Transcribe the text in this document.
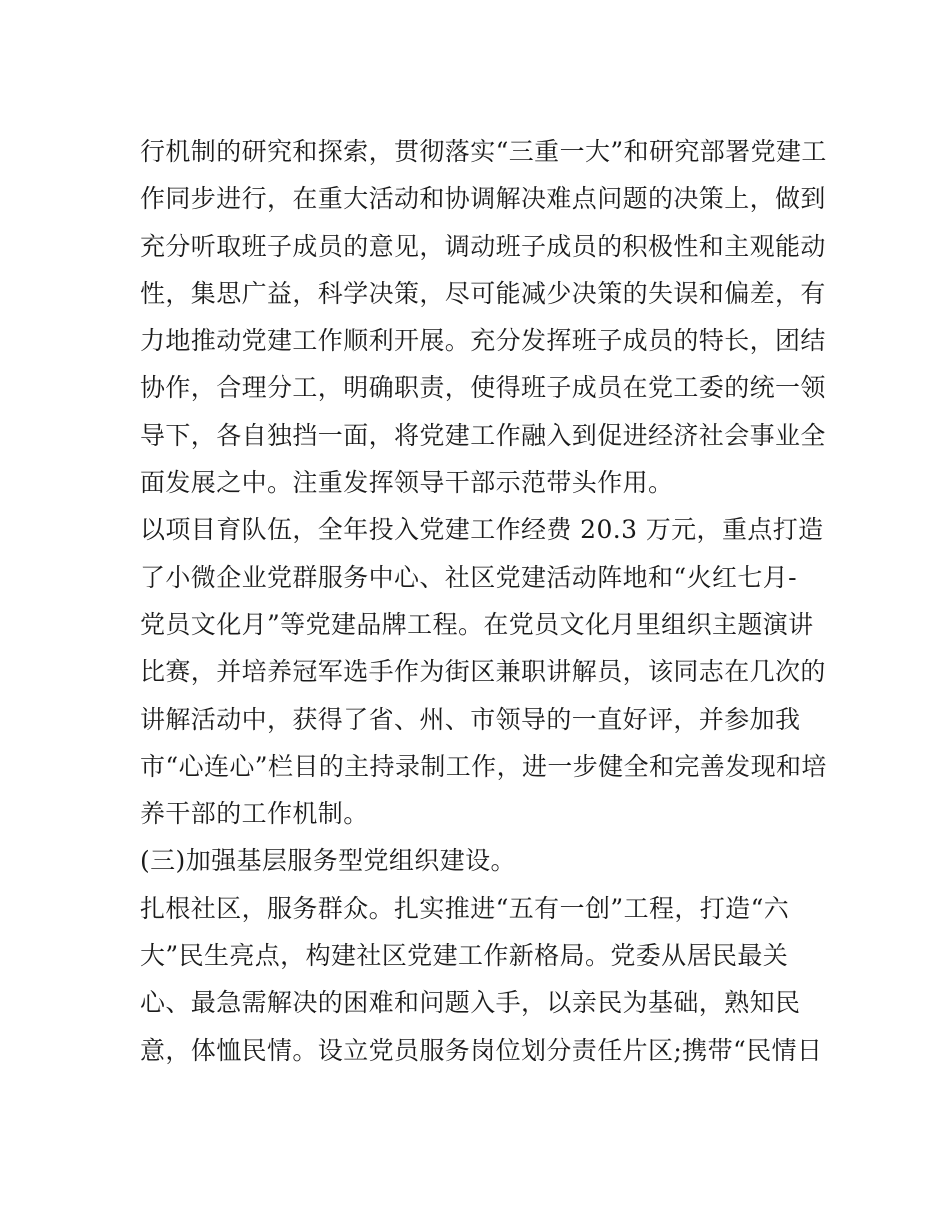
行机制的研究和探索，贯彻落实“三重一大”和研究部署党建工
作同步进行，在重大活动和协调解决难点问题的决策上，做到
充分听取班子成员的意见，调动班子成员的积极性和主观能动
性，集思广益，科学决策，尽可能减少决策的失误和偏差，有
力地推动党建工作顺利开展。充分发挥班子成员的特长，团结
协作，合理分工，明确职责，使得班子成员在党工委的统一领
导下，各自独挡一面，将党建工作融入到促进经济社会事业全
面发展之中。注重发挥领导干部示范带头作用。
以项目育队伍，全年投入党建工作经费 20.3 万元，重点打造
了小微企业党群服务中心、社区党建活动阵地和“火红七月-
党员文化月”等党建品牌工程。在党员文化月里组织主题演讲
比赛，并培养冠军选手作为街区兼职讲解员，该同志在几次的
讲解活动中，获得了省、州、市领导的一直好评，并参加我
市“心连心”栏目的主持录制工作，进一步健全和完善发现和培
养干部的工作机制。
(三)加强基层服务型党组织建设。
扎根社区，服务群众。扎实推进“五有一创”工程，打造“六
大”民生亮点，构建社区党建工作新格局。党委从居民最关
心、最急需解决的困难和问题入手，以亲民为基础，熟知民
意，体恤民情。设立党员服务岗位划分责任片区;携带“民情日
